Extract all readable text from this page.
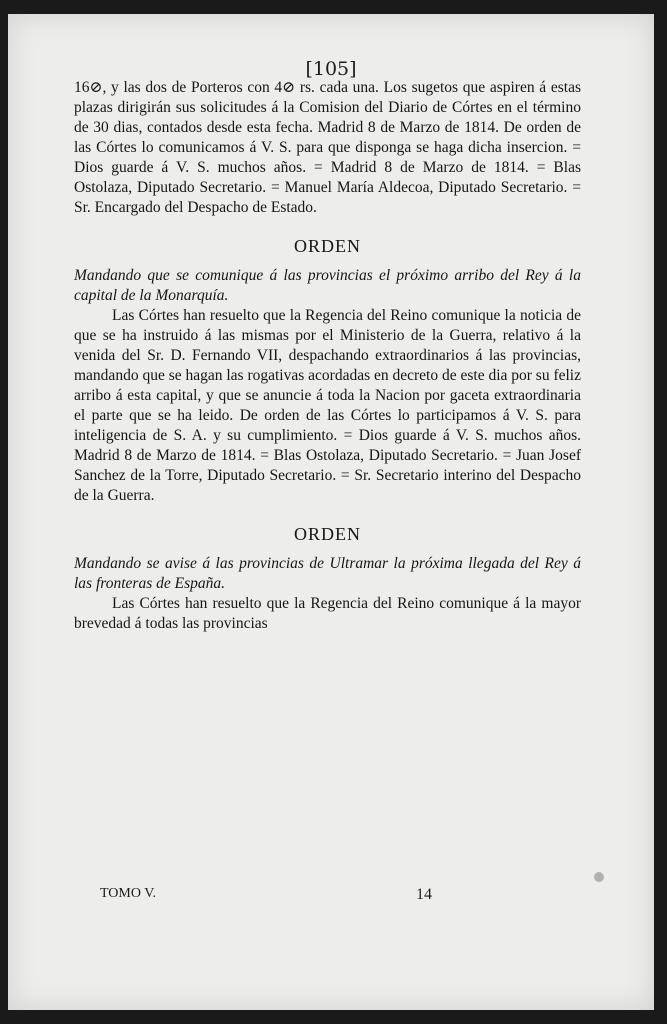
[105]

16⊘, y las dos de Porteros con 4⊘ rs. cada una. Los sugetos que aspiren á estas plazas dirigirán sus solicitudes á la Comision del Diario de Córtes en el término de 30 dias, contados desde esta fecha. Madrid 8 de Marzo de 1814. De orden de las Córtes lo comunicamos á V. S. para que disponga se haga dicha insercion. = Dios guarde á V. S. muchos años. = Madrid 8 de Marzo de 1814. = Blas Ostolaza, Diputado Secretario. = Manuel María Aldecoa, Diputado Secretario. = Sr. Encargado del Despacho de Estado.

ORDEN

Mandando que se comunique á las provincias el próximo arribo del Rey á la capital de la Monarquía.

Las Córtes han resuelto que la Regencia del Reino comunique la noticia de que se ha instruido á las mismas por el Ministerio de la Guerra, relativo á la venida del Sr. D. Fernando VII, despachando extraordinarios á las provincias, mandando que se hagan las rogativas acordadas en decreto de este dia por su feliz arribo á esta capital, y que se anuncie á toda la Nacion por gaceta extraordinaria el parte que se ha leido. De orden de las Córtes lo participamos á V. S. para inteligencia de S. A. y su cumplimiento. = Dios guarde á V. S. muchos años. Madrid 8 de Marzo de 1814. = Blas Ostolaza, Diputado Secretario. = Juan Josef Sanchez de la Torre, Diputado Secretario. = Sr. Secretario interino del Despacho de la Guerra.

ORDEN

Mandando se avise á las provincias de Ultramar la próxima llegada del Rey á las fronteras de España.

Las Córtes han resuelto que la Regencia del Reino comunique á la mayor brevedad á todas las provincias

TOMO V.	14
